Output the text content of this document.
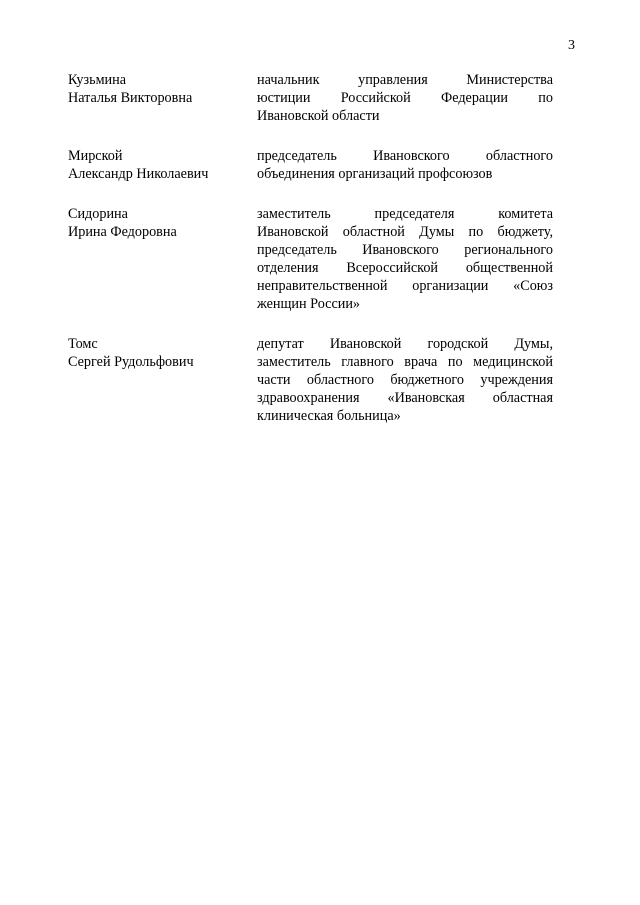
3
Кузьмина
Наталья Викторовна
начальник управления Министерства
юстиции Российской Федерации по
Ивановской области
Мирской
Александр Николаевич
председатель Ивановского областного
объединения организаций профсоюзов
Сидорина
Ирина Федоровна
заместитель председателя комитета
Ивановской областной Думы по бюджету,
председатель Ивановского регионального
отделения Всероссийской общественной
неправительственной организации «Союз
женщин России»
Томс
Сергей Рудольфович
депутат Ивановской городской Думы,
заместитель главного врача по медицинской
части областного бюджетного учреждения
здравоохранения «Ивановская областная
клиническая больница»
